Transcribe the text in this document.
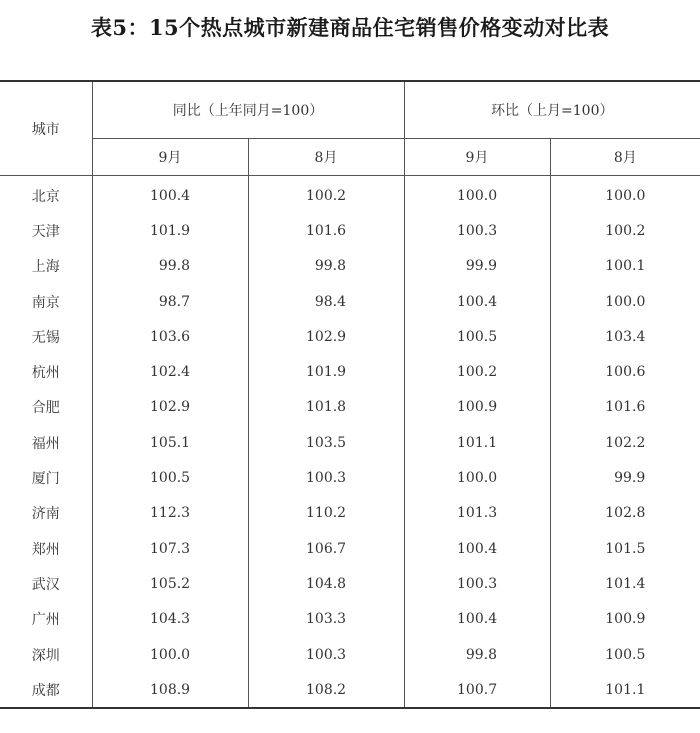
表5：15个热点城市新建商品住宅销售价格变动对比表
城市	同比（上年同月=100）		环比（上月=100）	
	9月	8月	9月	8月
北京	100.4	100.2	100.0	100.0
天津	101.9	101.6	100.3	100.2
上海	99.8	99.8	99.9	100.1
南京	98.7	98.4	100.4	100.0
无锡	103.6	102.9	100.5	103.4
杭州	102.4	101.9	100.2	100.6
合肥	102.9	101.8	100.9	101.6
福州	105.1	103.5	101.1	102.2
厦门	100.5	100.3	100.0	99.9
济南	112.3	110.2	101.3	102.8
郑州	107.3	106.7	100.4	101.5
武汉	105.2	104.8	100.3	101.4
广州	104.3	103.3	100.4	100.9
深圳	100.0	100.3	99.8	100.5
成都	108.9	108.2	100.7	101.1
